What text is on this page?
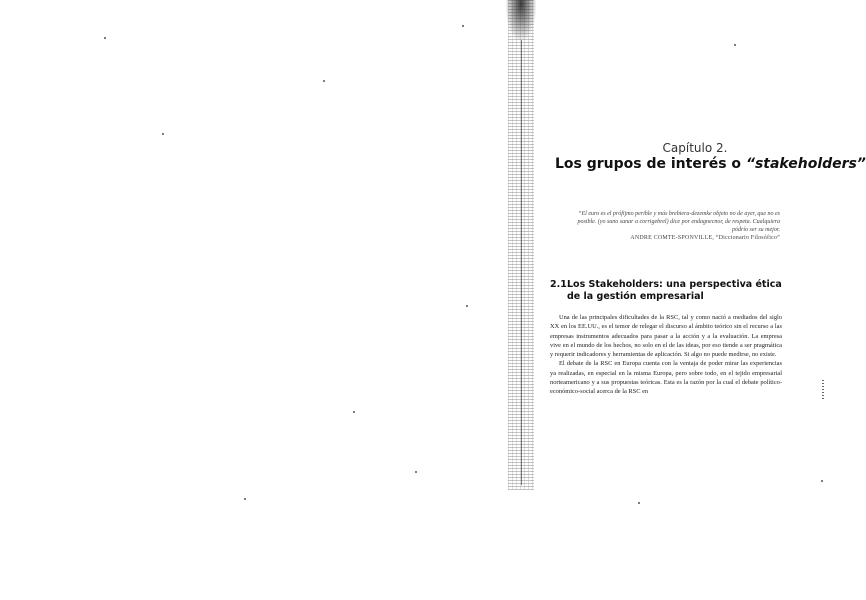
Capítulo 2.
Los grupos de interés o “stakeholders”
“El euro es el prófijmo perible y más brebiera-dezemke objeto no de ayer, que no es posible. (yo suno sanar a corrigebrel) dice por endagnecnor, de respeta. Cualquiera pódrío ser su mejor.
ANDRE COMTE-SPONVILLE, “Diccionario Filosófico”
2.1.Los Stakeholders: una perspectiva ética
de la gestión empresarial

Una de las principales dificultades de la RSC, tal y como nació a mediados del siglo XX en los EE.UU., es el temor de relegar el discurso al ámbito teórico sin el recurso a las empresas instrumentos adecuados para pasar a la acción y a la evaluación. La empresa vive en el mundo de los hechos, no solo en el de las ideas, por eso tiende a ser pragmática y requerir indicadores y herramientas de aplicación. Si algo no puede medirse, no existe.

El debate de la RSC en Europa cuenta con la ventaja de poder mirar las experiencias ya realizadas, en especial en la misma Europa, pero sobre todo, en el tejido empresarial norteamericano y a sus propuestas teóricas. Esta es la razón por la cual el debate político-económico-social acerca de la RSC en
